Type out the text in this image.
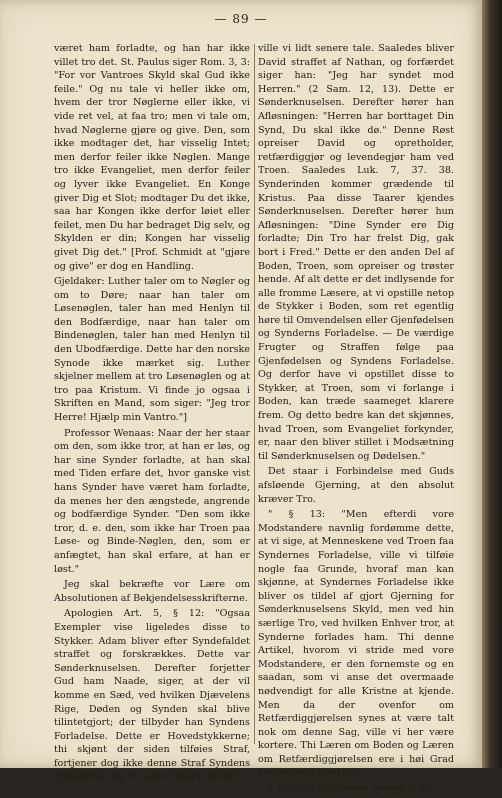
— 89 —

været ham forladte, og han har ikke villet tro det. St. Paulus siger Rom. 3, 3: "For vor Vantroes Skyld skal Gud ikke feile." Og nu tale vi heller ikke om, hvem der tror Nøglerne eller ikke, vi vide ret vel, at faa tro; men vi tale om, hvad Nøglerne gjøre og give. Den, som ikke modtager det, har visselig Intet; men derfor feiler ikke Nøglen. Mange tro ikke Evangeliet, men derfor feiler og lyver ikke Evangeliet. En Konge giver Dig et Slot; modtager Du det ikke, saa har Kongen ikke derfor løiet eller feilet, men Du har bedraget Dig selv, og Skylden er din; Kongen har visselig givet Dig det." [Prof. Schmidt at "gjøre og give" er dog en Handling.

Gjeldaker: Luther taler om to Nøgler og om to Døre; naar han taler om Løsenøglen, taler han med Henlyn til den Bodfærdige, naar han taler om Bindenøglen, taler han med Henlyn til den Ubodfærdige. Dette har den norske Synode ikke mærket sig. Luther skjelner mellem at tro Løsenøglen og at tro paa Kristum. Vi finde jo ogsaa i Skriften en Mand, som siger: "Jeg tror Herre! Hjælp min Vantro."]

Professor Wenaas: Naar der her staar om den, som ikke tror, at han er løs, og har sine Synder forladte, at han skal med Tiden erfare det, hvor ganske vist hans Synder have været ham forladte, da menes her den ængstede, angrende og bodfærdige Synder. "Den som ikke tror, d. e. den, som ikke har Troen paa Løse- og Binde-Nøglen, den, som er anfægtet, han skal erfare, at han er løst."

Jeg skal bekræfte vor Lære om Absolutionen af Bekjendelsesskrifterne.

Apologien Art. 5, § 12: "Ogsaa Exempler vise ligeledes disse to Stykker. Adam bliver efter Syndefaldet straffet og forskrækkes. Dette var Sønderknuselsen. Derefter forjetter Gud ham Naade, siger, at der vil komme en Sæd, ved hvilken Djævelens Rige, Døden og Synden skal blive tilintetgjort; der tilbyder han Syndens Forladelse. Dette er Hovedstykkerne; thi skjønt der siden tilføies Straf, fortjener dog ikke denne Straf Syndens Forladelse. Og om dette Slags Straffe

ville vi lidt senere tale. Saaledes bliver David straffet af Nathan, og forfærdet siger han: "Jeg har syndet mod Herren." (2 Sam. 12, 13). Dette er Sønderknuselsen. Derefter hører han Afløsningen: "Herren har borttaget Din Synd, Du skal ikke dø." Denne Røst opreiser David og opretholder, retfærdiggjør og levendegjør ham ved Troen. Saaledes Luk. 7, 37. 38. Synderinden kommer grædende til Kristus. Paa disse Taarer kjendes Sønderknuselsen. Derefter hører hun Afløsningen: "Dine Synder ere Dig forladte; Din Tro har frelst Dig, gak bort i Fred." Dette er den anden Del af Boden, Troen, som opreiser og trøster hende. Af alt dette er det indlysende for alle fromme Læsere, at vi opstille netop de Stykker i Boden, som ret egentlig høre til Omvendelsen eller Gjenfødelsen og Synderns Forladelse. — De værdige Frugter og Straffen følge paa Gjenfødelsen og Syndens Forladelse. Og derfor have vi opstillet disse to Stykker, at Troen, som vi forlange i Boden, kan træde saameget klarere frem. Og detto bedre kan det skjønnes, hvad Troen, som Evangeliet forkynder, er, naar den bliver stillet i Modsætning til Sønderknuselsen og Dødelsen."

Det staar i Forbindelse med Guds afsløende Gjerning, at den absolut kræver Tro.

" § 13: "Men efterdi vore Modstandere navnlig fordømme dette, at vi sige, at Menneskene ved Troen faa Syndernes Forladelse, ville vi tilføie nogle faa Grunde, hvoraf man kan skjønne, at Syndernes Forladelse ikke bliver os tildel af gjort Gjerning for Sønderknuselsens Skyld, men ved hin særlige Tro, ved hvilken Enhver tror, at Synderne forlades ham. Thi denne Artikel, hvorom vi stride med vore Modstandere, er den fornemste og en saadan, som vi anse det overmaade nødvendigt for alle Kristne at kjende. Men da der ovenfor om Retfærdiggjørelsen synes at være talt nok om denne Sag, ville vi her være kortere. Thi Læren om Boden og Læren om Retfærdiggjørelsen ere i høi Grad beslægtede Punkter."

§ 15: "For det Første spørge vi nu
